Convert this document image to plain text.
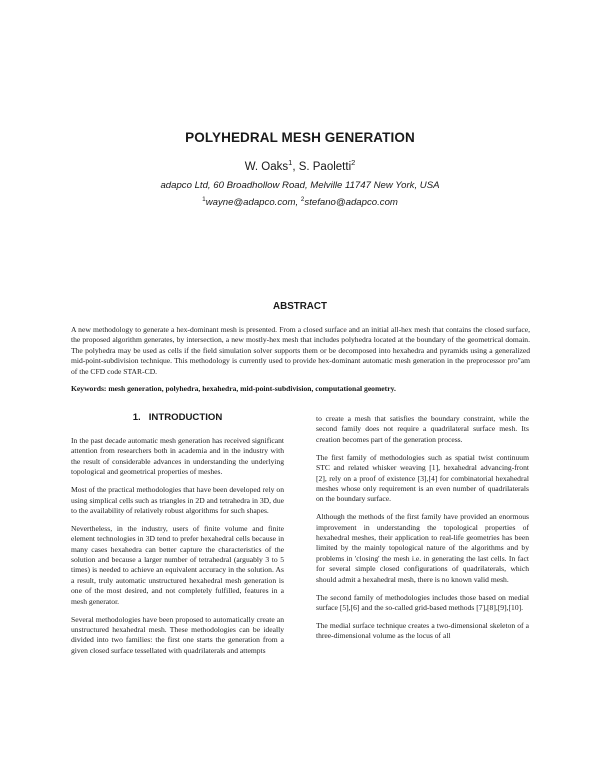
POLYHEDRAL MESH GENERATION
W. Oaks$^1$, S. Paoletti$^2$
adapco Ltd, 60 Broadhollow Road, Melville 11747 New York, USA
$^1$wayne@adapco.com, $^2$stefano@adapco.com
ABSTRACT

A new methodology to generate a hex-dominant mesh is presented. From a closed surface and an initial all-hex mesh that contains the closed surface, the proposed algorithm generates, by intersection, a new mostly-hex mesh that includes polyhedra located at the boundary of the geometrical domain. The polyhedra may be used as cells if the field simulation solver supports them or be decomposed into hexahedra and pyramids using a generalized mid-point-subdivision technique. This methodology is currently used to provide hex-dominant automatic mesh generation in the preprocessor pro"am of the CFD code STAR-CD.

Keywords: mesh generation, polyhedra, hexahedra, mid-point-subdivision, computational geometry.

1. INTRODUCTION

In the past decade automatic mesh generation has received significant attention from researchers both in academia and in the industry with the result of considerable advances in understanding the underlying topological and geometrical properties of meshes.

Most of the practical methodologies that have been developed rely on using simplical cells such as triangles in 2D and tetrahedra in 3D, due to the availability of relatively robust algorithms for such shapes.

Nevertheless, in the industry, users of finite volume and finite element technologies in 3D tend to prefer hexahedral cells because in many cases hexahedra can better capture the characteristics of the solution and because a larger number of tetrahedral (arguably 3 to 5 times) is needed to achieve an equivalent accuracy in the solution. As a result, truly automatic unstructured hexahedral mesh generation is one of the most desired, and not completely fulfilled, features in a mesh generator.

Several methodologies have been proposed to automatically create an unstructured hexahedral mesh. These methodologies can be ideally divided into two families: the first one starts the generation from a given closed surface tessellated with quadrilaterals and attempts

to create a mesh that satisfies the boundary constraint, while the second family does not require a quadrilateral surface mesh. Its creation becomes part of the generation process.

The first family of methodologies such as spatial twist continuum STC and related whisker weaving [1], hexahedral advancing-front [2], rely on a proof of existence [3],[4] for combinatorial hexahedral meshes whose only requirement is an even number of quadrilaterals on the boundary surface.

Although the methods of the first family have provided an enormous improvement in understanding the topological properties of hexahedral meshes, their application to real-life geometries has been limited by the mainly topological nature of the algorithms and by problems in 'closing' the mesh i.e. in generating the last cells. In fact for several simple closed configurations of quadrilaterals, which should admit a hexahedral mesh, there is no known valid mesh.

The second family of methodologies includes those based on medial surface [5],[6] and the so-called grid-based methods [7],[8],[9],[10].

The medial surface technique creates a two-dimensional skeleton of a three-dimensional volume as the locus of all
